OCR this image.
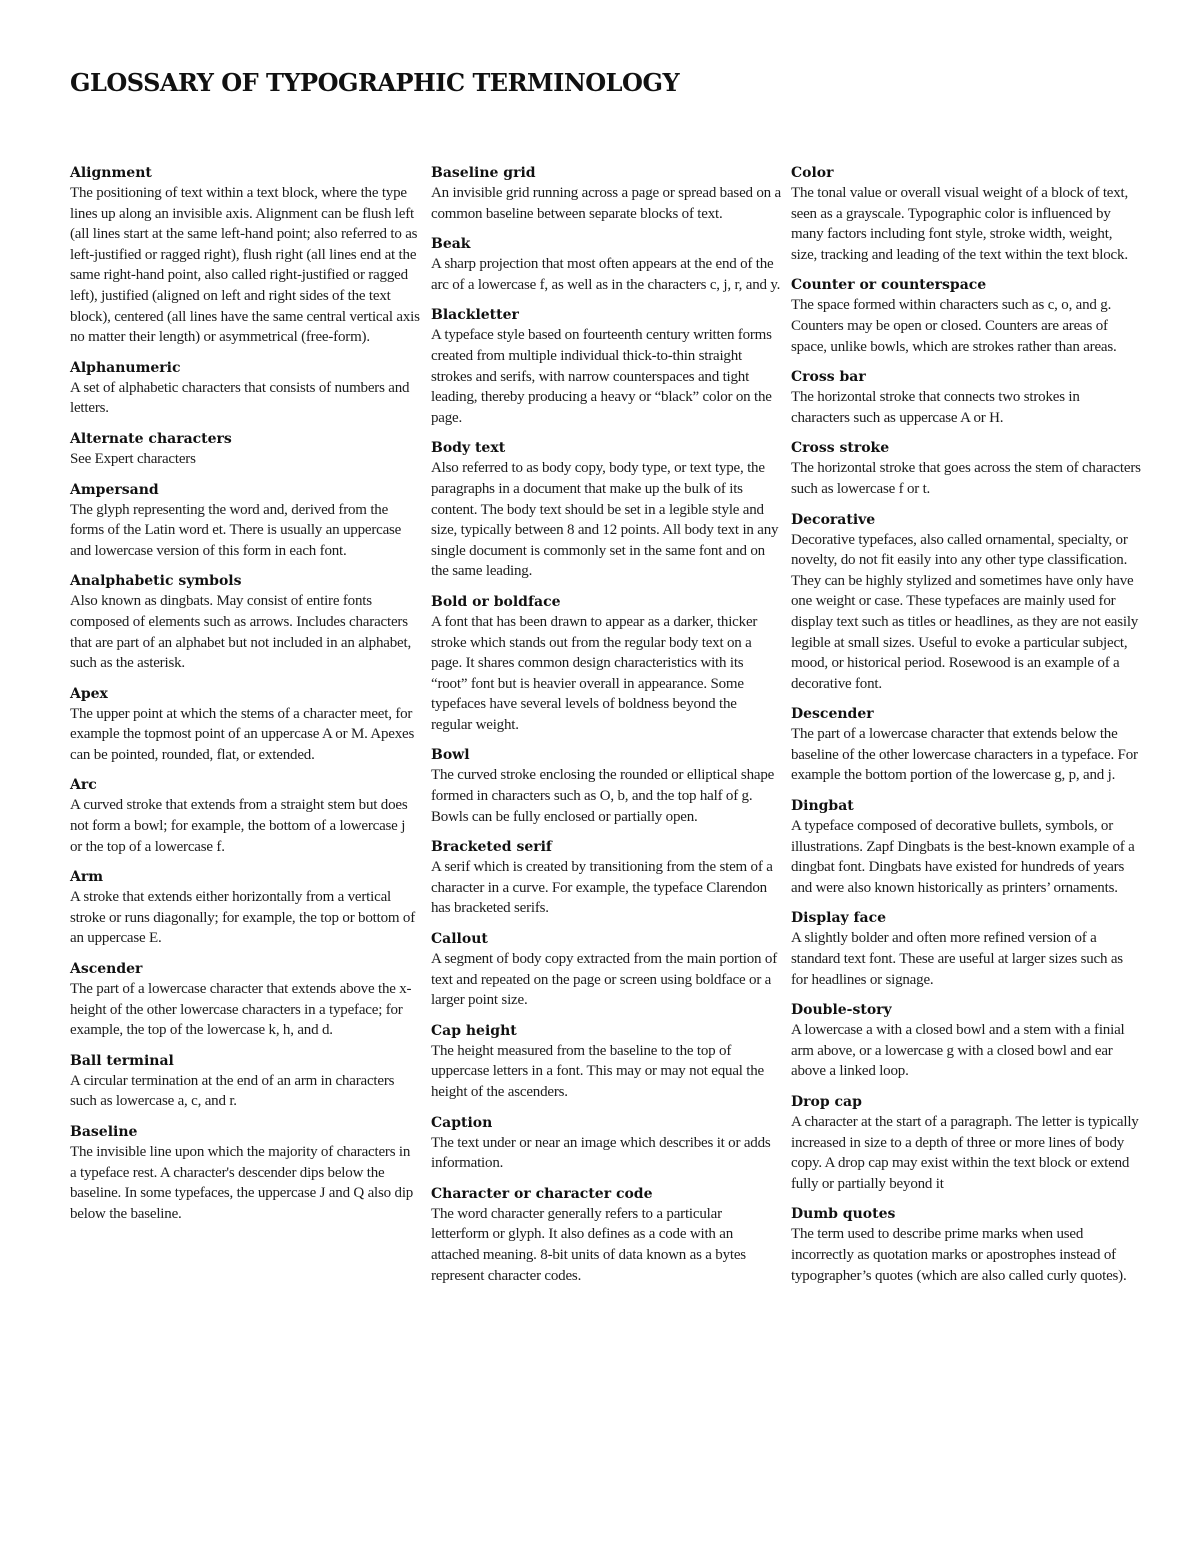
GLOSSARY OF TYPOGRAPHIC TERMINOLOGY
Alignment
The positioning of text within a text block, where the type lines up along an invisible axis. Alignment can be flush left (all lines start at the same left-hand point; also referred to as left-justified or ragged right), flush right (all lines end at the same right-hand point, also called right-justified or ragged left), justified (aligned on left and right sides of the text block), centered (all lines have the same central vertical axis no matter their length) or asymmetrical (free-form).
Alphanumeric
A set of alphabetic characters that consists of numbers and letters.
Alternate characters
See Expert characters
Ampersand
The glyph representing the word and, derived from the forms of the Latin word et. There is usually an uppercase and lowercase version of this form in each font.
Analphabetic symbols
Also known as dingbats. May consist of entire fonts composed of elements such as arrows. Includes characters that are part of an alphabet but not included in an alphabet, such as the asterisk.
Apex
The upper point at which the stems of a character meet, for example the topmost point of an uppercase A or M. Apexes can be pointed, rounded, flat, or extended.
Arc
A curved stroke that extends from a straight stem but does not form a bowl; for example, the bottom of a lowercase j or the top of a lowercase f.
Arm
A stroke that extends either horizontally from a vertical stroke or runs diagonally; for example, the top or bottom of an uppercase E.
Ascender
The part of a lowercase character that extends above the x-height of the other lowercase characters in a typeface; for example, the top of the lowercase k, h, and d.
Ball terminal
A circular termination at the end of an arm in characters such as lowercase a, c, and r.
Baseline
The invisible line upon which the majority of characters in a typeface rest. A character's descender dips below the baseline. In some typefaces, the uppercase J and Q also dip below the baseline.
Baseline grid
An invisible grid running across a page or spread based on a common baseline between separate blocks of text.
Beak
A sharp projection that most often appears at the end of the arc of a lowercase f, as well as in the characters c, j, r, and y.
Blackletter
A typeface style based on fourteenth century written forms created from multiple individual thick-to-thin straight strokes and serifs, with narrow counterspaces and tight leading, thereby producing a heavy or “black” color on the page.
Body text
Also referred to as body copy, body type, or text type, the paragraphs in a document that make up the bulk of its content. The body text should be set in a legible style and size, typically between 8 and 12 points. All body text in any single document is commonly set in the same font and on the same leading.
Bold or boldface
A font that has been drawn to appear as a darker, thicker stroke which stands out from the regular body text on a page. It shares common design characteristics with its “root” font but is heavier overall in appearance. Some typefaces have several levels of boldness beyond the regular weight.
Bowl
The curved stroke enclosing the rounded or elliptical shape formed in characters such as O, b, and the top half of g. Bowls can be fully enclosed or partially open.
Bracketed serif
A serif which is created by transitioning from the stem of a character in a curve. For example, the typeface Clarendon has bracketed serifs.
Callout
A segment of body copy extracted from the main portion of text and repeated on the page or screen using boldface or a larger point size.
Cap height
The height measured from the baseline to the top of uppercase letters in a font. This may or may not equal the height of the ascenders.
Caption
The text under or near an image which describes it or adds information.
Character or character code
The word character generally refers to a particular letterform or glyph. It also defines as a code with an attached meaning. 8-bit units of data known as a bytes represent character codes.
Color
The tonal value or overall visual weight of a block of text, seen as a grayscale. Typographic color is influenced by many factors including font style, stroke width, weight, size, tracking and leading of the text within the text block.
Counter or counterspace
The space formed within characters such as c, o, and g. Counters may be open or closed. Counters are areas of space, unlike bowls, which are strokes rather than areas.
Cross bar
The horizontal stroke that connects two strokes in characters such as uppercase A or H.
Cross stroke
The horizontal stroke that goes across the stem of characters such as lowercase f or t.
Decorative
Decorative typefaces, also called ornamental, specialty, or novelty, do not fit easily into any other type classification. They can be highly stylized and sometimes have only have one weight or case. These typefaces are mainly used for display text such as titles or headlines, as they are not easily legible at small sizes. Useful to evoke a particular subject, mood, or historical period. Rosewood is an example of a decorative font.
Descender
The part of a lowercase character that extends below the baseline of the other lowercase characters in a typeface. For example the bottom portion of the lowercase g, p, and j.
Dingbat
A typeface composed of decorative bullets, symbols, or illustrations. Zapf Dingbats is the best-known example of a dingbat font. Dingbats have existed for hundreds of years and were also known historically as printers’ ornaments.
Display face
A slightly bolder and often more refined version of a standard text font. These are useful at larger sizes such as for headlines or signage.
Double-story
A lowercase a with a closed bowl and a stem with a finial arm above, or a lowercase g with a closed bowl and ear above a linked loop.
Drop cap
A character at the start of a paragraph. The letter is typically increased in size to a depth of three or more lines of body copy. A drop cap may exist within the text block or extend fully or partially beyond it
Dumb quotes
The term used to describe prime marks when used incorrectly as quotation marks or apostrophes instead of typographer’s quotes (which are also called curly quotes).
